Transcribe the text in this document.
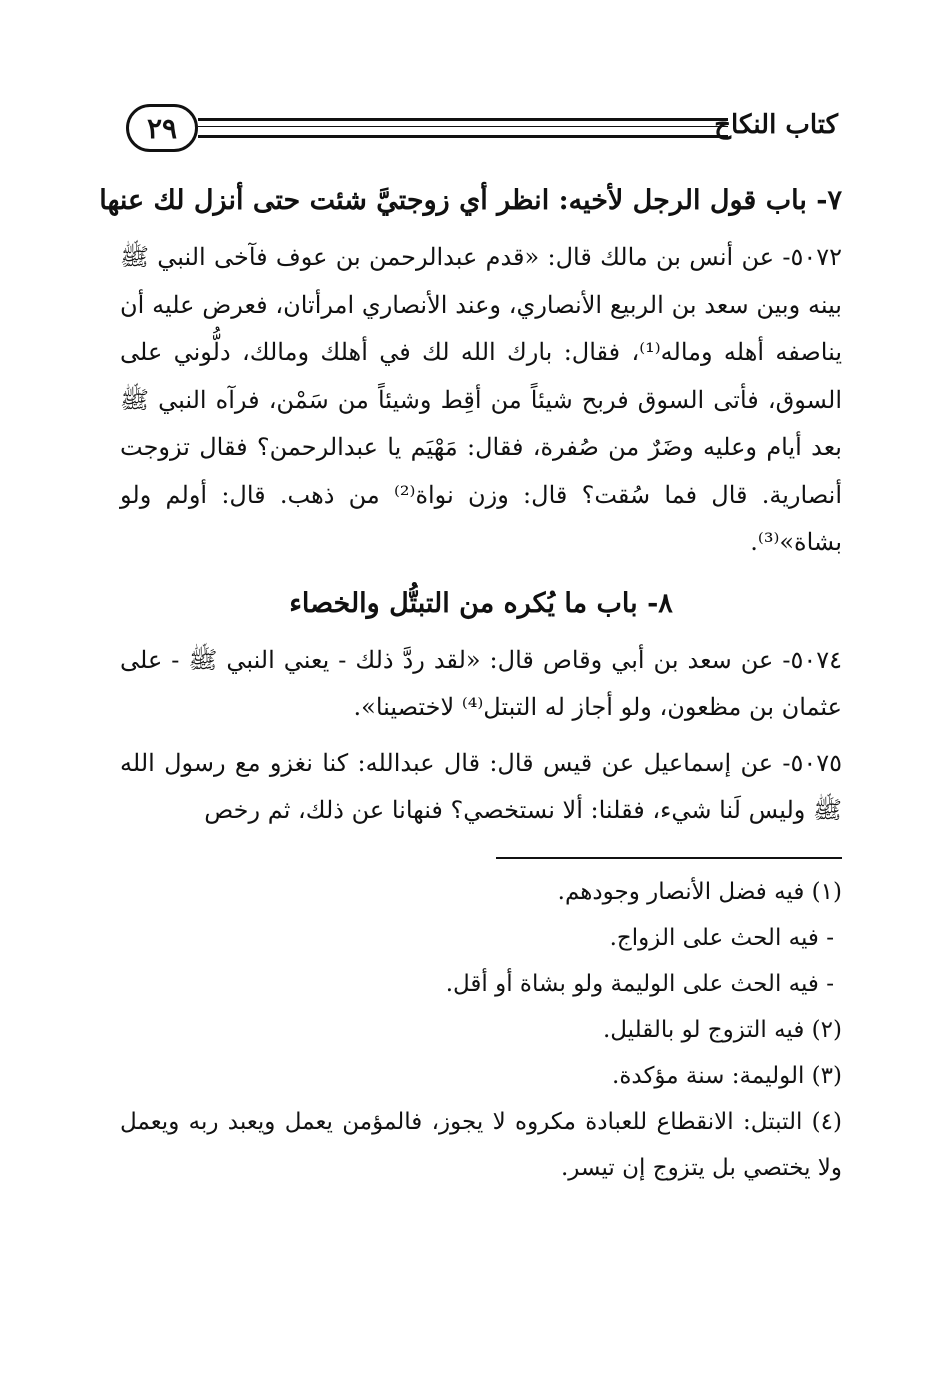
٢٩	كتاب النكاح
٧- باب قول الرجل لأخيه: انظر أي زوجتيَّ شئت حتى أنزل لك عنها

٥٠٧٢- عن أنس بن مالك قال: «قدم عبدالرحمن بن عوف فآخى النبي ﷺ بينه وبين سعد بن الربيع الأنصاري، وعند الأنصاري امرأتان، فعرض عليه أن يناصفه أهله وماله⁽¹⁾، فقال: بارك الله لك في أهلك ومالك، دلُّوني على السوق، فأتى السوق فربح شيئاً من أقِط وشيئاً من سَمْن، فرآه النبي ﷺ بعد أيام وعليه وضَرٌ من صُفرة، فقال: مَهْيَم يا عبدالرحمن؟ فقال تزوجت أنصارية. قال فما سُقت؟ قال: وزن نواة⁽²⁾ من ذهب. قال: أولم ولو بشاة»⁽³⁾.

٨- باب ما يُكره من التبتُّل والخصاء

٥٠٧٤- عن سعد بن أبي وقاص قال: «لقد ردَّ ذلك - يعني النبي ﷺ - على عثمان بن مظعون، ولو أجاز له التبتل⁽⁴⁾ لاختصينا».

٥٠٧٥- عن إسماعيل عن قيس قال: قال عبدالله: كنا نغزو مع رسول الله ﷺ وليس لَنا شيء، فقلنا: ألا نستخصي؟ فنهانا عن ذلك، ثم رخص

(١) فيه فضل الأنصار وجودهم.

- فيه الحث على الزواج.

- فيه الحث على الوليمة ولو بشاة أو أقل.

(٢) فيه التزوج لو بالقليل.

(٣) الوليمة: سنة مؤكدة.

(٤) التبتل: الانقطاع للعبادة مكروه لا يجوز، فالمؤمن يعمل ويعبد ربه ويعمل ولا يختصي بل يتزوج إن تيسر.
